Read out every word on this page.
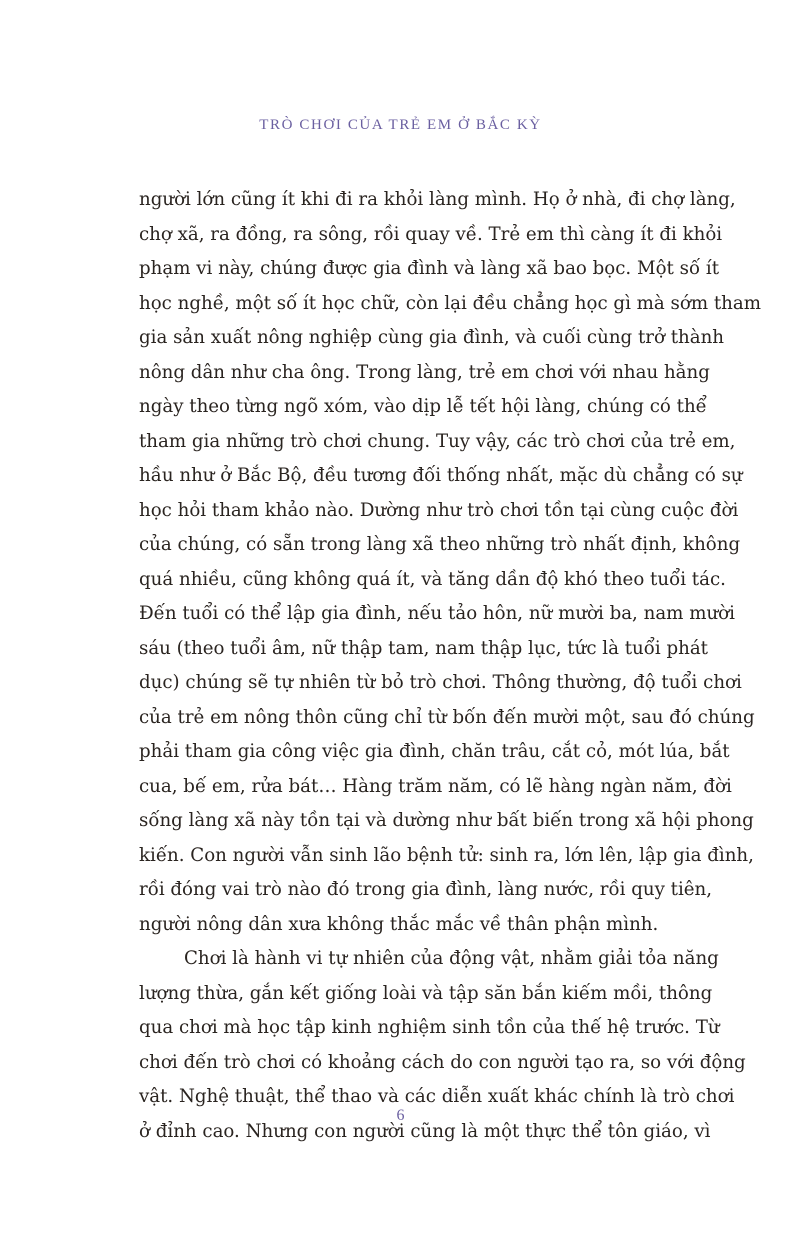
TRÒ CHƠI CỦA TRẺ EM Ở BẮC KỲ
người lớn cũng ít khi đi ra khỏi làng mình. Họ ở nhà, đi chợ làng,
chợ xã, ra đồng, ra sông, rồi quay về. Trẻ em thì càng ít đi khỏi
phạm vi này, chúng được gia đình và làng xã bao bọc. Một số ít
học nghề, một số ít học chữ, còn lại đều chẳng học gì mà sớm tham
gia sản xuất nông nghiệp cùng gia đình, và cuối cùng trở thành
nông dân như cha ông. Trong làng, trẻ em chơi với nhau hằng
ngày theo từng ngõ xóm, vào dịp lễ tết hội làng, chúng có thể
tham gia những trò chơi chung. Tuy vậy, các trò chơi của trẻ em,
hầu như ở Bắc Bộ, đều tương đối thống nhất, mặc dù chẳng có sự
học hỏi tham khảo nào. Dường như trò chơi tồn tại cùng cuộc đời
của chúng, có sẵn trong làng xã theo những trò nhất định, không
quá nhiều, cũng không quá ít, và tăng dần độ khó theo tuổi tác.
Đến tuổi có thể lập gia đình, nếu tảo hôn, nữ mười ba, nam mười
sáu (theo tuổi âm, nữ thập tam, nam thập lục, tức là tuổi phát
dục) chúng sẽ tự nhiên từ bỏ trò chơi. Thông thường, độ tuổi chơi
của trẻ em nông thôn cũng chỉ từ bốn đến mười một, sau đó chúng
phải tham gia công việc gia đình, chăn trâu, cắt cỏ, mót lúa, bắt
cua, bế em, rửa bát… Hàng trăm năm, có lẽ hàng ngàn năm, đời
sống làng xã này tồn tại và dường như bất biến trong xã hội phong
kiến. Con người vẫn sinh lão bệnh tử: sinh ra, lớn lên, lập gia đình,
rồi đóng vai trò nào đó trong gia đình, làng nước, rồi quy tiên,
người nông dân xưa không thắc mắc về thân phận mình.
Chơi là hành vi tự nhiên của động vật, nhằm giải tỏa năng
lượng thừa, gắn kết giống loài và tập săn bắn kiếm mồi, thông
qua chơi mà học tập kinh nghiệm sinh tồn của thế hệ trước. Từ
chơi đến trò chơi có khoảng cách do con người tạo ra, so với động
vật. Nghệ thuật, thể thao và các diễn xuất khác chính là trò chơi
ở đỉnh cao. Nhưng con người cũng là một thực thể tôn giáo, vì
6
